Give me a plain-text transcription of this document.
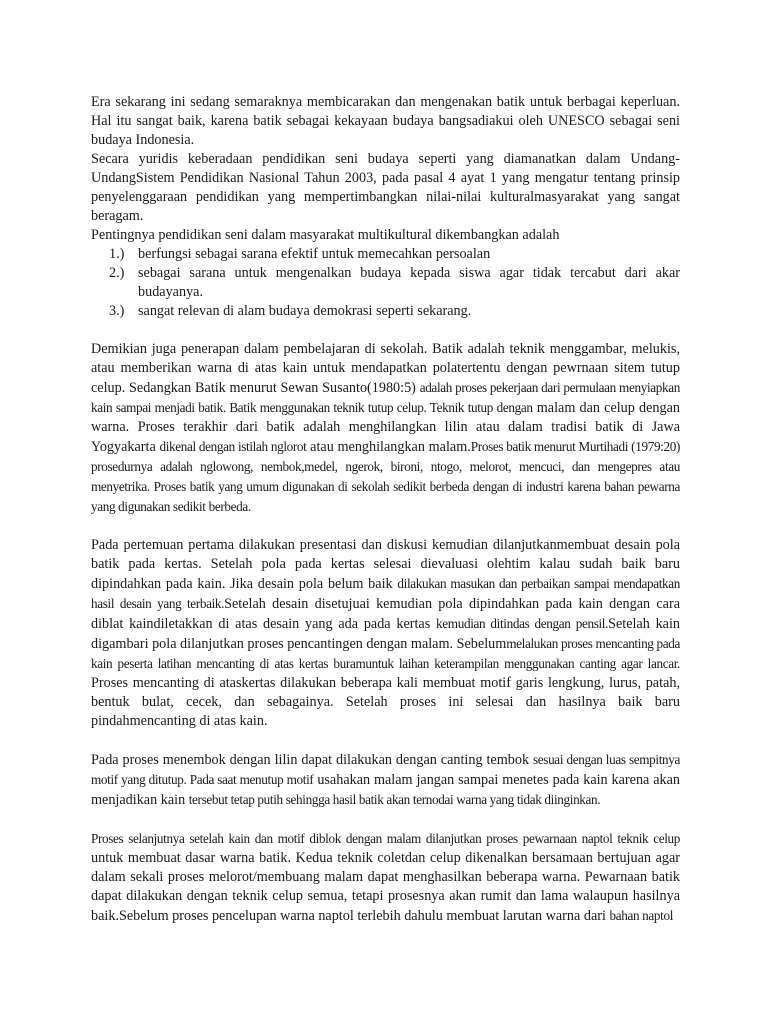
Era sekarang ini sedang semaraknya membicarakan dan mengenakan batik untuk berbagai keperluan. Hal itu sangat baik, karena batik sebagai kekayaan budaya bangsadiakui oleh UNESCO sebagai seni budaya Indonesia.

Secara yuridis keberadaan pendidikan seni budaya seperti yang diamanatkan dalam Undang-UndangSistem Pendidikan Nasional Tahun 2003, pada pasal 4 ayat 1 yang mengatur tentang prinsip penyelenggaraan pendidikan yang mempertimbangkan nilai-nilai kulturalmasyarakat yang sangat beragam.

Pentingnya pendidikan seni dalam masyarakat multikultural dikembangkan adalah

1.) berfungsi sebagai sarana efektif untuk memecahkan persoalan
2.) sebagai sarana untuk mengenalkan budaya kepada siswa agar tidak tercabut dari akar budayanya.
3.) sangat relevan di alam budaya demokrasi seperti sekarang.

Demikian juga penerapan dalam pembelajaran di sekolah. Batik adalah teknik menggambar, melukis, atau memberikan warna di atas kain untuk mendapatkan polatertentu dengan pewrnaan sitem tutup celup. Sedangkan Batik menurut Sewan Susanto(1980:5) adalah proses pekerjaan dari permulaan menyiapkan kain sampai menjadi batik. Batik menggunakan teknik tutup celup. Teknik tutup dengan malam dan celup dengan warna. Proses terakhir dari batik adalah menghilangkan lilin atau dalam tradisi batik di Jawa Yogyakarta dikenal dengan istilah nglorot atau menghilangkan malam.Proses batik menurut Murtihadi (1979:20) prosedurnya adalah nglowong, nembok,medel, ngerok, bironi, ntogo, melorot, mencuci, dan mengepres atau menyetrika. Proses batik yang umum digunakan di sekolah sedikit berbeda dengan di industri karena bahan pewarna yang digunakan sedikit berbeda.

Pada pertemuan pertama dilakukan presentasi dan diskusi kemudian dilanjutkanmembuat desain pola batik pada kertas. Setelah pola pada kertas selesai dievaluasi olehtim kalau sudah baik baru dipindahkan pada kain. Jika desain pola belum baik dilakukan masukan dan perbaikan sampai mendapatkan hasil desain yang terbaik.Setelah desain disetujuai kemudian pola dipindahkan pada kain dengan cara diblat kaindiletakkan di atas desain yang ada pada kertas kemudian ditindas dengan pensil.Setelah kain digambari pola dilanjutkan proses pencantingen dengan malam. Sebelummelalukan proses mencanting pada kain peserta latihan mencanting di atas kertas buramuntuk laihan keterampilan menggunakan canting agar lancar. Proses mencanting di ataskertas dilakukan beberapa kali membuat motif garis lengkung, lurus, patah, bentuk bulat, cecek, dan sebagainya. Setelah proses ini selesai dan hasilnya baik baru pindahmencanting di atas kain.

Pada proses menembok dengan lilin dapat dilakukan dengan canting tembok sesuai dengan luas sempitnya motif yang ditutup. Pada saat menutup motif usahakan malam jangan sampai menetes pada kain karena akan menjadikan kain tersebut tetap putih sehingga hasil batik akan ternodai warna yang tidak diinginkan.

Proses selanjutnya setelah kain dan motif diblok dengan malam dilanjutkan proses pewarnaan naptol teknik celup untuk membuat dasar warna batik. Kedua teknik coletdan celup dikenalkan bersamaan bertujuan agar dalam sekali proses melorot/membuang malam dapat menghasilkan beberapa warna. Pewarnaan batik dapat dilakukan dengan teknik celup semua, tetapi prosesnya akan rumit dan lama walaupun hasilnya baik.Sebelum proses pencelupan warna naptol terlebih dahulu membuat larutan warna dari bahan naptol
